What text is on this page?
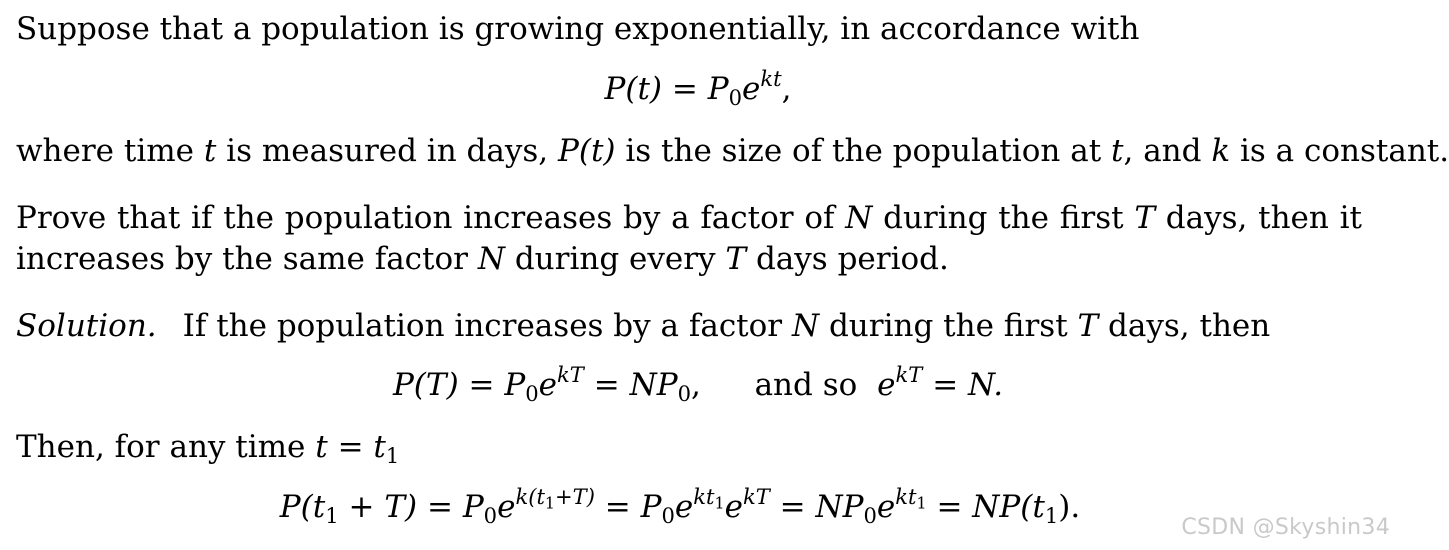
Suppose that a population is growing exponentially, in accordance with
$P(t) = P_0e^{kt}$,
where time t is measured in days, P(t) is the size of the population at t, and k is a constant.
Prove that if the population increases by a factor of N during the first T days, then it
increases by the same factor N during every T days period.
Solution. If the population increases by a factor N during the first T days, then
$P(T) = P_0e^{kT} = NP_0$, and so $e^{kT} = N$.
Then, for any time $t = t_1$
$P(t_1 + T) = P_0e^{k(t_1+T)} = P_0e^{kt_1}e^{kT} = NP_0e^{kt_1} = NP(t_1)$.
CSDN @Skyshin34
